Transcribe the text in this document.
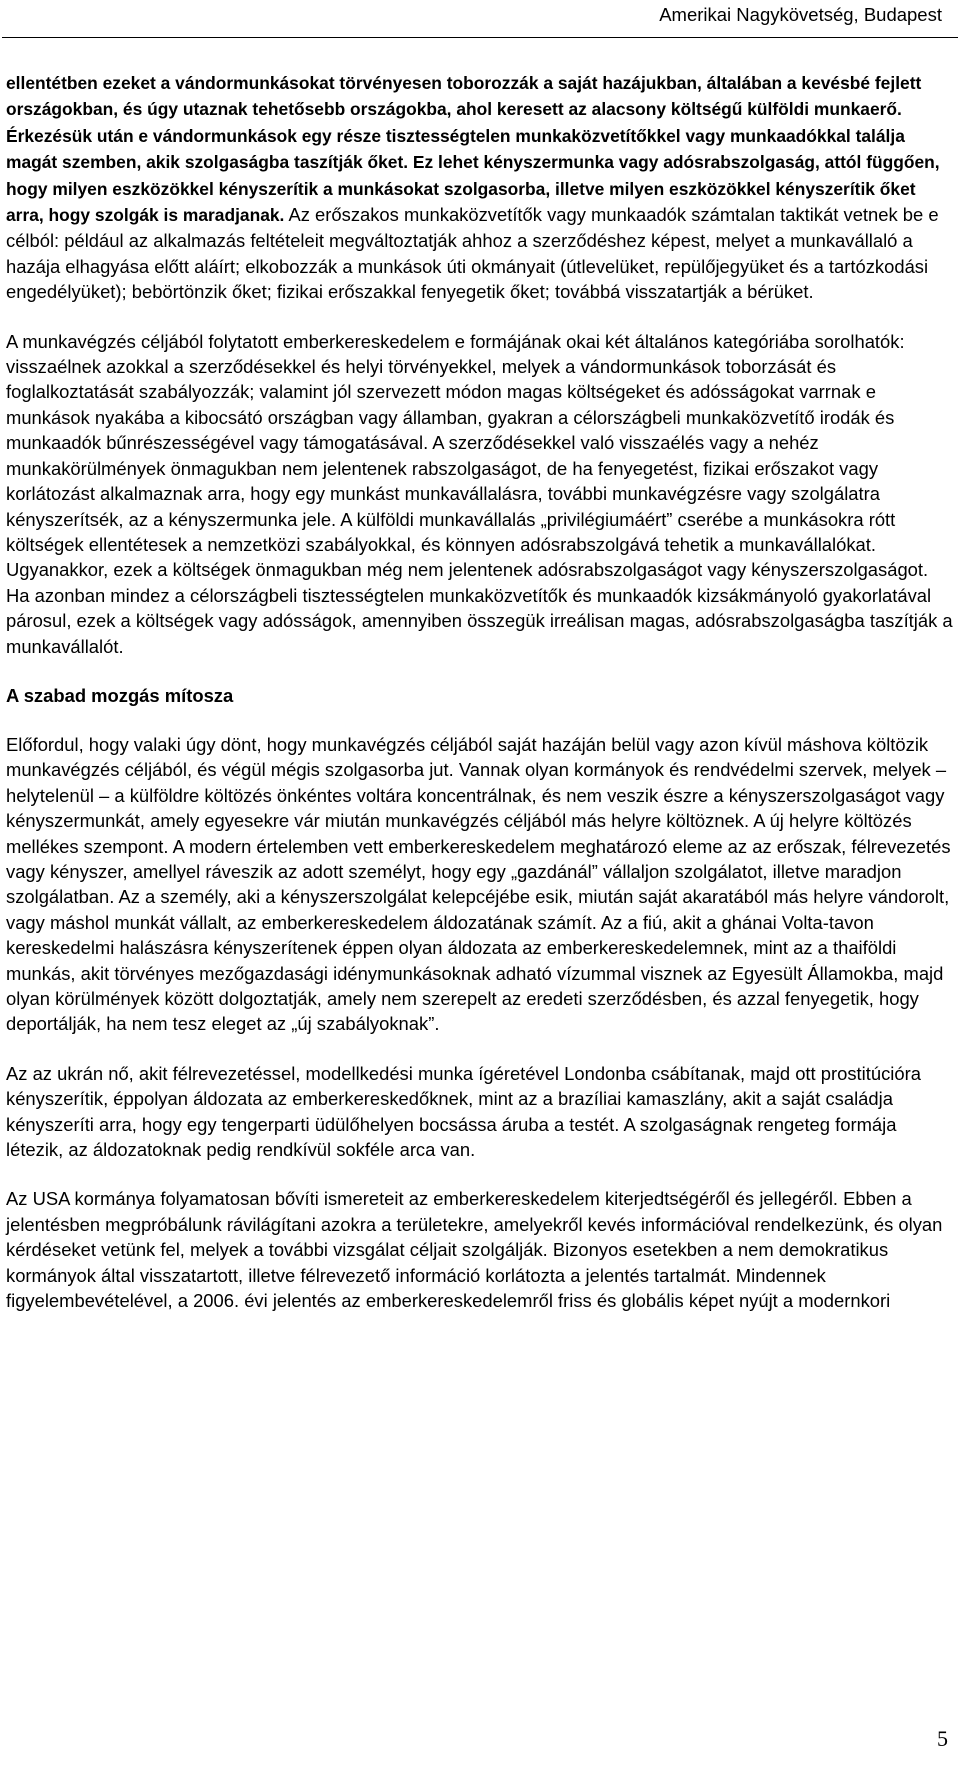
Amerikai Nagykövetség, Budapest

ellentétben ezeket a vándormunkásokat törvényesen toborozzák a saját hazájukban, általában a kevésbé fejlett országokban, és úgy utaznak tehetősebb országokba, ahol keresett az alacsony költségű külföldi munkaerő. Érkezésük után e vándormunkások egy része tisztességtelen munkaközvetítőkkel vagy munkaadókkal találja magát szemben, akik szolgaságba taszítják őket. Ez lehet kényszermunka vagy adósrabszolgaság, attól függően, hogy milyen eszközökkel kényszerítik a munkásokat szolgasorba, illetve milyen eszközökkel kényszerítik őket arra, hogy szolgák is maradjanak. Az erőszakos munkaközvetítők vagy munkaadók számtalan taktikát vetnek be e célból: például az alkalmazás feltételeit megváltoztatják ahhoz a szerződéshez képest, melyet a munkavállaló a hazája elhagyása előtt aláírt; elkobozzák a munkások úti okmányait (útlevelüket, repülőjegyüket és a tartózkodási engedélyüket); bebörtönzik őket; fizikai erőszakkal fenyegetik őket; továbbá visszatartják a bérüket.

A munkavégzés céljából folytatott emberkereskedelem e formájának okai két általános kategóriába sorolhatók: visszaélnek azokkal a szerződésekkel és helyi törvényekkel, melyek a vándormunkások toborzását és foglalkoztatását szabályozzák; valamint jól szervezett módon magas költségeket és adósságokat varrnak e munkások nyakába a kibocsátó országban vagy államban, gyakran a célországbeli munkaközvetítő irodák és munkaadók bűnrészességével vagy támogatásával. A szerződésekkel való visszaélés vagy a nehéz munkakörülmények önmagukban nem jelentenek rabszolgaságot, de ha fenyegetést, fizikai erőszakot vagy korlátozást alkalmaznak arra, hogy egy munkást munkavállalásra, további munkavégzésre vagy szolgálatra kényszerítsék, az a kényszermunka jele. A külföldi munkavállalás „privilégiumáért” cserébe a munkásokra rótt költségek ellentétesek a nemzetközi szabályokkal, és könnyen adósrabszolgává tehetik a munkavállalókat. Ugyanakkor, ezek a költségek önmagukban még nem jelentenek adósrabszolgaságot vagy kényszerszolgaságot. Ha azonban mindez a célországbeli tisztességtelen munkaközvetítők és munkaadók kizsákmányoló gyakorlatával párosul, ezek a költségek vagy adósságok, amennyiben összegük irreálisan magas, adósrabszolgaságba taszítják a munkavállalót.

A szabad mozgás mítosza

Előfordul, hogy valaki úgy dönt, hogy munkavégzés céljából saját hazáján belül vagy azon kívül máshova költözik munkavégzés céljából, és végül mégis szolgasorba jut. Vannak olyan kormányok és rendvédelmi szervek, melyek – helytelenül – a külföldre költözés önkéntes voltára koncentrálnak, és nem veszik észre a kényszerszolgaságot vagy kényszermunkát, amely egyesekre vár miután munkavégzés céljából más helyre költöznek. A új helyre költözés mellékes szempont. A modern értelemben vett emberkereskedelem meghatározó eleme az az erőszak, félrevezetés vagy kényszer, amellyel ráveszik az adott személyt, hogy egy „gazdánál” vállaljon szolgálatot, illetve maradjon szolgálatban. Az a személy, aki a kényszerszolgálat kelepcéjébe esik, miután saját akaratából más helyre vándorolt, vagy máshol munkát vállalt, az emberkereskedelem áldozatának számít. Az a fiú, akit a ghánai Volta-tavon kereskedelmi halászásra kényszerítenek éppen olyan áldozata az emberkereskedelemnek, mint az a thaiföldi munkás, akit törvényes mezőgazdasági idénymunkásoknak adható vízummal visznek az Egyesült Államokba, majd olyan körülmények között dolgoztatják, amely nem szerepelt az eredeti szerződésben, és azzal fenyegetik, hogy deportálják, ha nem tesz eleget az „új szabályoknak”.

Az az ukrán nő, akit félrevezetéssel, modellkedési munka ígéretével Londonba csábítanak, majd ott prostitúcióra kényszerítik, éppolyan áldozata az emberkereskedőknek, mint az a brazíliai kamaszlány, akit a saját családja kényszeríti arra, hogy egy tengerparti üdülőhelyen bocsássa áruba a testét. A szolgaságnak rengeteg formája létezik, az áldozatoknak pedig rendkívül sokféle arca van.

Az USA kormánya folyamatosan bővíti ismereteit az emberkereskedelem kiterjedtségéről és jellegéről. Ebben a jelentésben megpróbálunk rávilágítani azokra a területekre, amelyekről kevés információval rendelkezünk, és olyan kérdéseket vetünk fel, melyek a további vizsgálat céljait szolgálják. Bizonyos esetekben a nem demokratikus kormányok által visszatartott, illetve félrevezető információ korlátozta a jelentés tartalmát. Mindennek figyelembevételével, a 2006. évi jelentés az emberkereskedelemről friss és globális képet nyújt a modernkori

5
